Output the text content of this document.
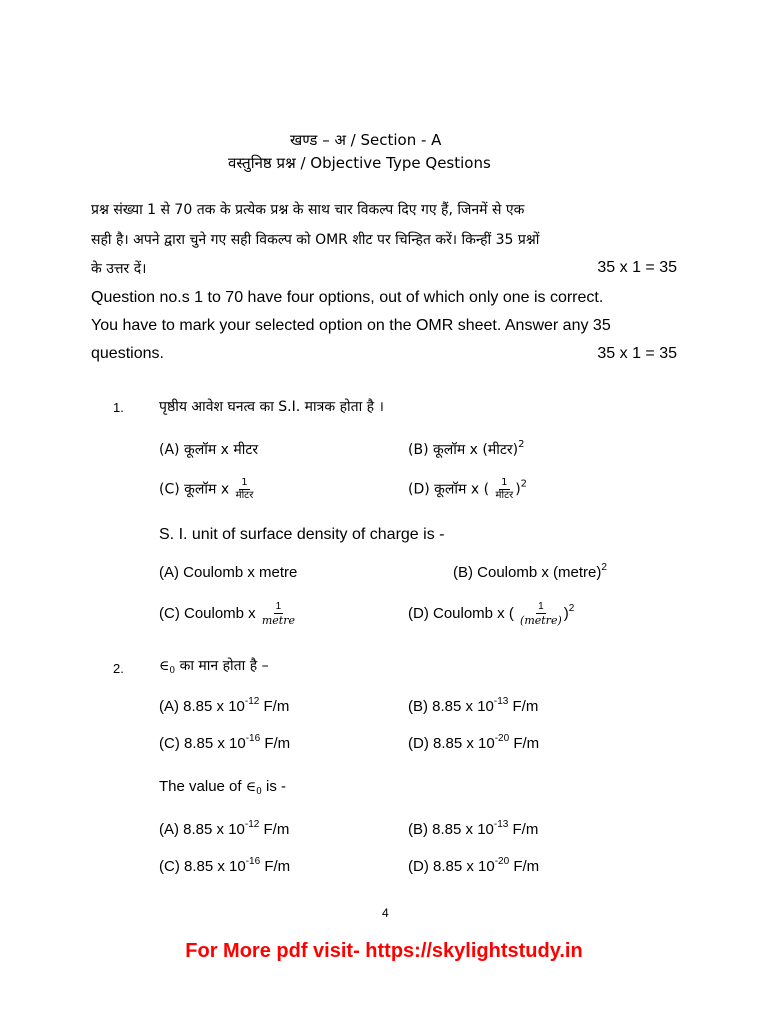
खण्ड – अ / Section - A
वस्तुनिष्ठ प्रश्न / Objective Type Qestions
प्रश्न संख्या 1 से 70 तक के प्रत्येक प्रश्न के साथ चार विकल्प दिए गए हैं, जिनमें से एक
सही है। अपने द्वारा चुने गए सही विकल्प को OMR शीट पर चिन्हित करें। किन्हीं 35 प्रश्नों
के उत्तर दें।	35 x 1 = 35
Question no.s 1 to 70 have four options, out of which only one is correct.
You have to mark your selected option on the OMR sheet. Answer any 35
questions.	35 x 1 = 35
1.	पृष्ठीय आवेश घनत्व का S.I. मात्रक होता है ।
(A) कूलॉम x मीटर	(B) कूलॉम x (मीटर)$^2$
(C) कूलॉम x $\frac{1}{\text{मीटर}}$	(D) कूलॉम x ( $\frac{1}{\text{मीटर}} )^2$
S. I. unit of surface density of charge is -
(A) Coulomb x metre	(B) Coulomb x (metre)$^2$
(C) Coulomb x $\frac{1}{\text{metre}}$	(D) Coulomb x ( $\frac{1}{\text{(metre)}} )^2$
2.	$\in_0$ का मान होता है –
(A) 8.85 x $10^{-12}$ F/m	(B) 8.85 x $10^{-13}$ F/m
(C) 8.85 x $10^{-16}$ F/m	(D) 8.85 x $10^{-20}$ F/m
The value of $\in_0$ is -
(A) 8.85 x $10^{-12}$ F/m	(B) 8.85 x $10^{-13}$ F/m
(C) 8.85 x $10^{-16}$ F/m	(D) 8.85 x $10^{-20}$ F/m
4
For More pdf visit- https://skylightstudy.in
